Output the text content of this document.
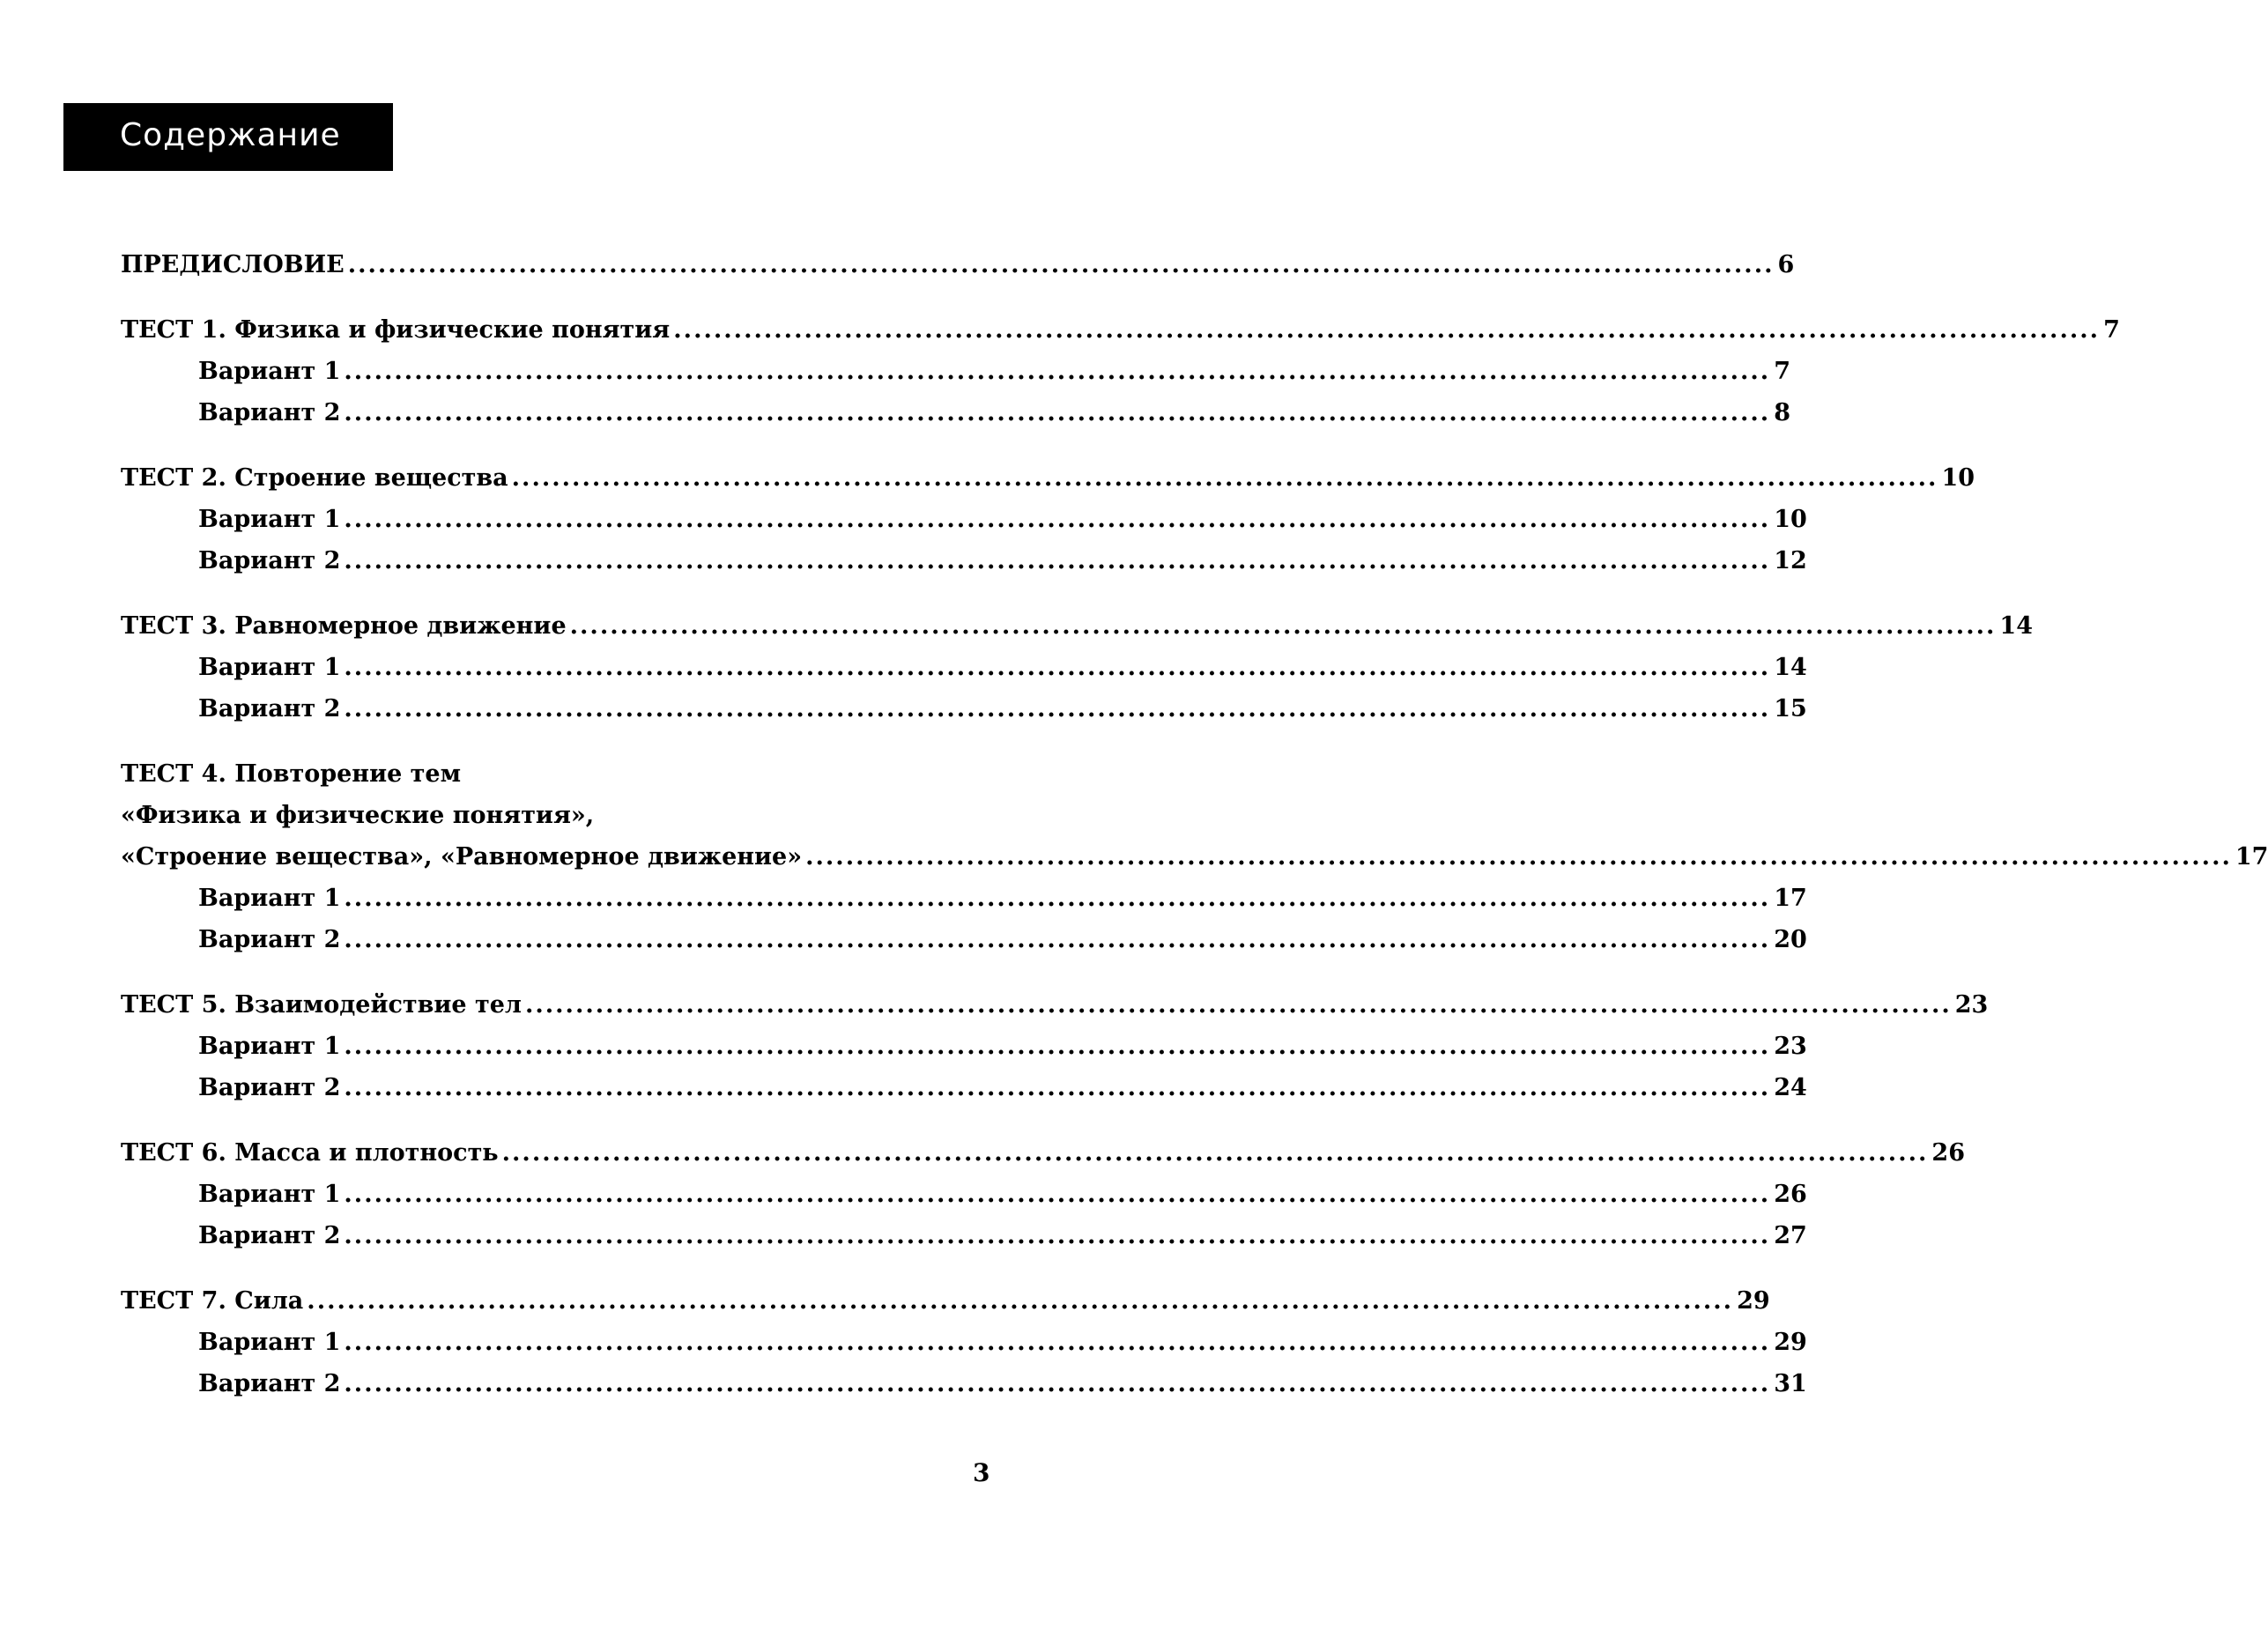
Содержание
ПРЕДИСЛОВИЕ .............................................................................................................................................. 6
ТЕСТ 1. Физика и физические понятия .............................................................................................................................................. 7
Вариант 1 .............................................................................................................................................. 7
Вариант 2 .............................................................................................................................................. 8
ТЕСТ 2. Строение вещества .............................................................................................................................................. 10
Вариант 1 .............................................................................................................................................. 10
Вариант 2 .............................................................................................................................................. 12
ТЕСТ 3. Равномерное движение .............................................................................................................................................. 14
Вариант 1 .............................................................................................................................................. 14
Вариант 2 .............................................................................................................................................. 15
ТЕСТ 4. Повторение тем
«Физика и физические понятия»,
«Строение вещества», «Равномерное движение» .............................................................................................................................................. 17
Вариант 1 .............................................................................................................................................. 17
Вариант 2 .............................................................................................................................................. 20
ТЕСТ 5. Взаимодействие тел .............................................................................................................................................. 23
Вариант 1 .............................................................................................................................................. 23
Вариант 2 .............................................................................................................................................. 24
ТЕСТ 6. Масса и плотность .............................................................................................................................................. 26
Вариант 1 .............................................................................................................................................. 26
Вариант 2 .............................................................................................................................................. 27
ТЕСТ 7. Сила .............................................................................................................................................. 29
Вариант 1 .............................................................................................................................................. 29
Вариант 2 .............................................................................................................................................. 31
3
